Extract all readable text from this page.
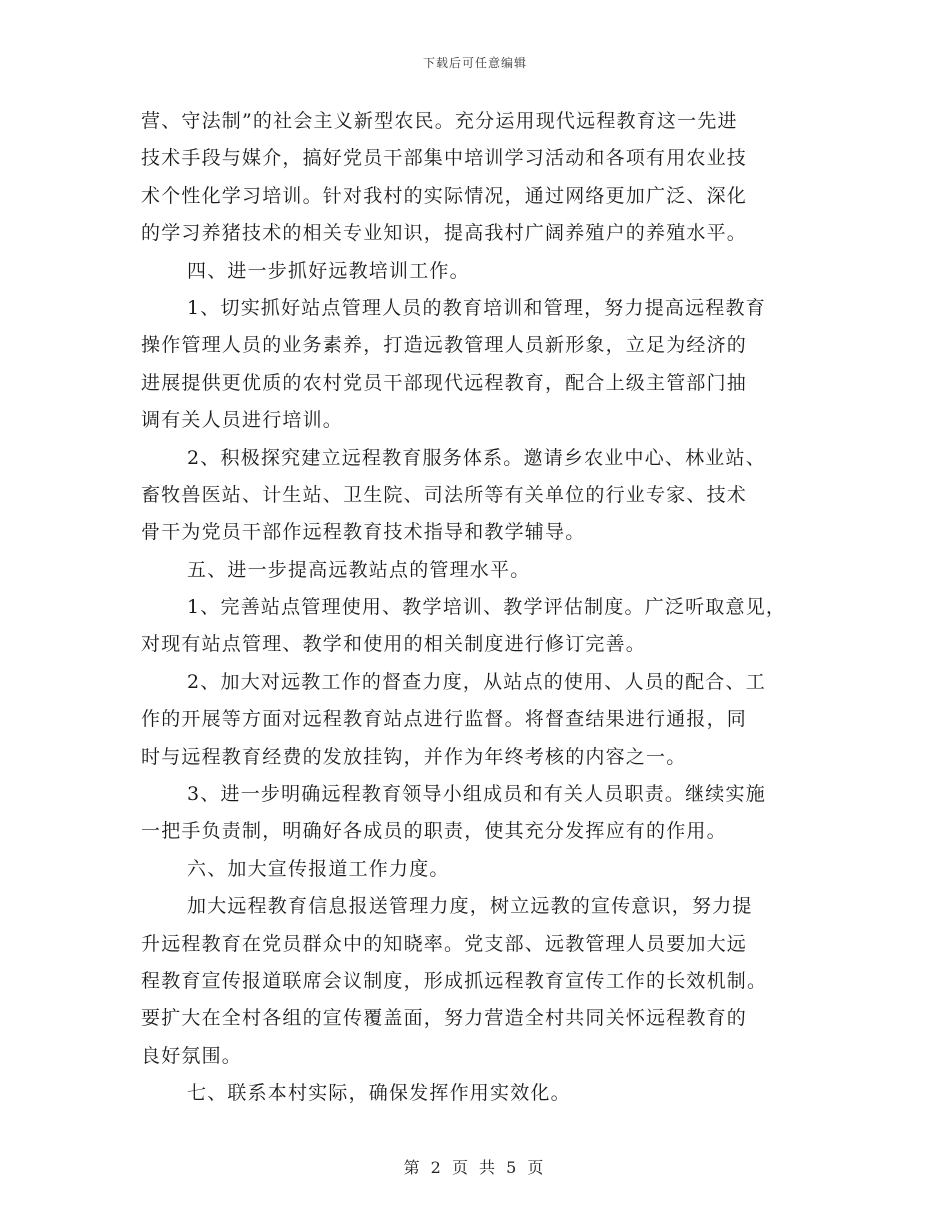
下载后可任意编辑
营、守法制”的社会主义新型农民。充分运用现代远程教育这一先进
技术手段与媒介，搞好党员干部集中培训学习活动和各项有用农业技
术个性化学习培训。针对我村的实际情况，通过网络更加广泛、深化
的学习养猪技术的相关专业知识，提高我村广阔养殖户的养殖水平。
四、进一步抓好远教培训工作。
1、切实抓好站点管理人员的教育培训和管理，努力提高远程教育
操作管理人员的业务素养，打造远教管理人员新形象，立足为经济的
进展提供更优质的农村党员干部现代远程教育，配合上级主管部门抽
调有关人员进行培训。
2、积极探究建立远程教育服务体系。邀请乡农业中心、林业站、
畜牧兽医站、计生站、卫生院、司法所等有关单位的行业专家、技术
骨干为党员干部作远程教育技术指导和教学辅导。
五、进一步提高远教站点的管理水平。
1、完善站点管理使用、教学培训、教学评估制度。广泛听取意见，
对现有站点管理、教学和使用的相关制度进行修订完善。
2、加大对远教工作的督查力度，从站点的使用、人员的配合、工
作的开展等方面对远程教育站点进行监督。将督查结果进行通报，同
时与远程教育经费的发放挂钩，并作为年终考核的内容之一。
3、进一步明确远程教育领导小组成员和有关人员职责。继续实施
一把手负责制，明确好各成员的职责，使其充分发挥应有的作用。
六、加大宣传报道工作力度。
加大远程教育信息报送管理力度，树立远教的宣传意识，努力提
升远程教育在党员群众中的知晓率。党支部、远教管理人员要加大远
程教育宣传报道联席会议制度，形成抓远程教育宣传工作的长效机制。
要扩大在全村各组的宣传覆盖面，努力营造全村共同关怀远程教育的
良好氛围。
七、联系本村实际，确保发挥作用实效化。
第 2 页 共 5 页
